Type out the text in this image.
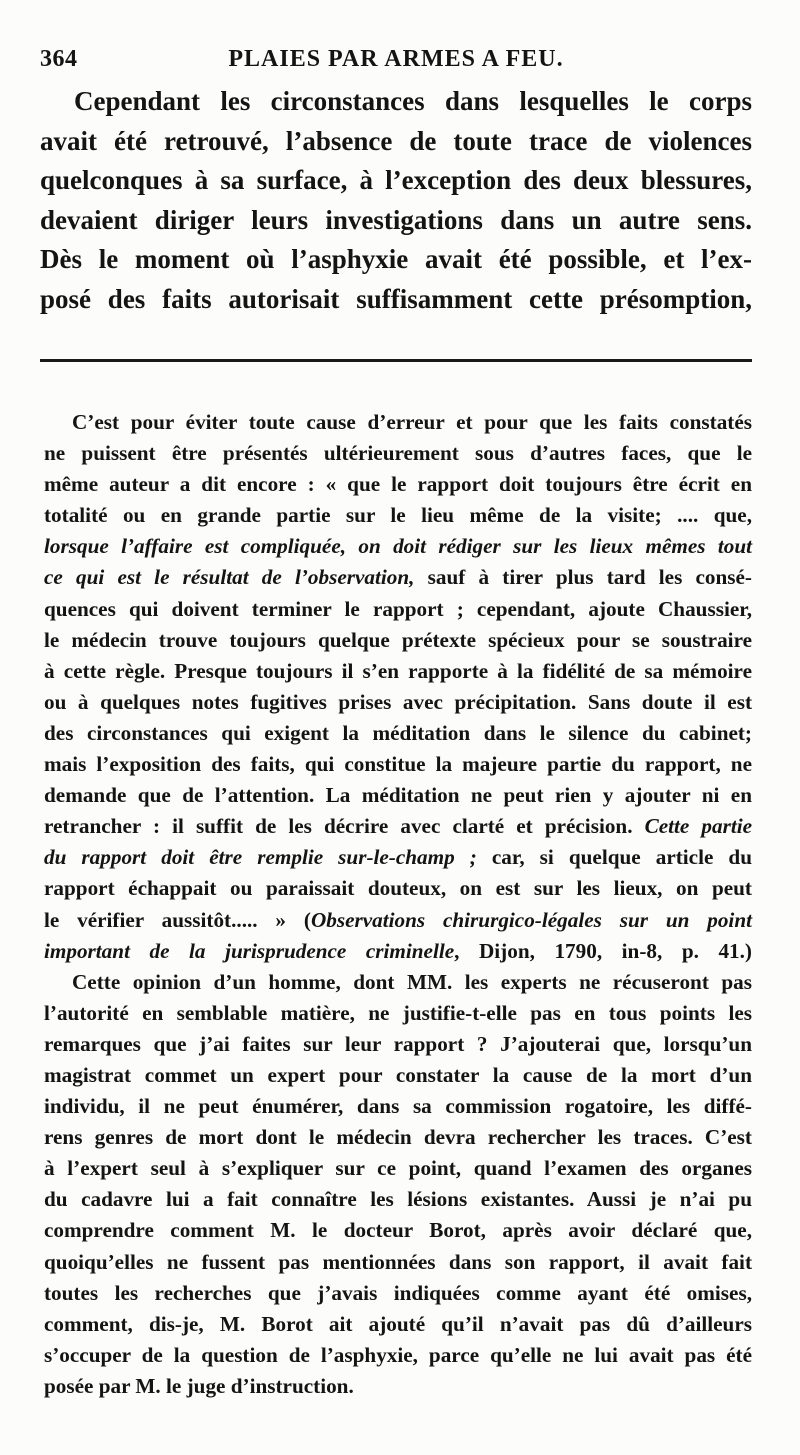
364	PLAIES PAR ARMES A FEU.
Cependant les circonstances dans lesquelles le corps
avait été retrouvé, l’absence de toute trace de violences
quelconques à sa surface, à l’exception des deux blessures,
devaient diriger leurs investigations dans un autre sens.
Dès le moment où l’asphyxie avait été possible, et l’ex-
posé des faits autorisait suffisamment cette présomption,
C’est pour éviter toute cause d’erreur et pour que les faits constatés
ne puissent être présentés ultérieurement sous d’autres faces, que le
même auteur a dit encore : « que le rapport doit toujours être écrit en
totalité ou en grande partie sur le lieu même de la visite; .... que,
lorsque l’affaire est compliquée, on doit rédiger sur les lieux mêmes tout
ce qui est le résultat de l’observation, sauf à tirer plus tard les consé-
quences qui doivent terminer le rapport ; cependant, ajoute Chaussier,
le médecin trouve toujours quelque prétexte spécieux pour se soustraire
à cette règle. Presque toujours il s’en rapporte à la fidélité de sa mémoire
ou à quelques notes fugitives prises avec précipitation. Sans doute il est
des circonstances qui exigent la méditation dans le silence du cabinet;
mais l’exposition des faits, qui constitue la majeure partie du rapport, ne
demande que de l’attention. La méditation ne peut rien y ajouter ni en
retrancher : il suffit de les décrire avec clarté et précision. Cette partie
du rapport doit être remplie sur-le-champ ; car, si quelque article du
rapport échappait ou paraissait douteux, on est sur les lieux, on peut
le vérifier aussitôt..... » (Observations chirurgico-légales sur un point
important de la jurisprudence criminelle, Dijon, 1790, in-8, p. 41.)
Cette opinion d’un homme, dont MM. les experts ne récuseront pas
l’autorité en semblable matière, ne justifie-t-elle pas en tous points les
remarques que j’ai faites sur leur rapport ? J’ajouterai que, lorsqu’un
magistrat commet un expert pour constater la cause de la mort d’un
individu, il ne peut énumérer, dans sa commission rogatoire, les diffé-
rens genres de mort dont le médecin devra rechercher les traces. C’est
à l’expert seul à s’expliquer sur ce point, quand l’examen des organes
du cadavre lui a fait connaître les lésions existantes. Aussi je n’ai pu
comprendre comment M. le docteur Borot, après avoir déclaré que,
quoiqu’elles ne fussent pas mentionnées dans son rapport, il avait fait
toutes les recherches que j’avais indiquées comme ayant été omises,
comment, dis-je, M. Borot ait ajouté qu’il n’avait pas dû d’ailleurs
s’occuper de la question de l’asphyxie, parce qu’elle ne lui avait pas été
posée par M. le juge d’instruction.
